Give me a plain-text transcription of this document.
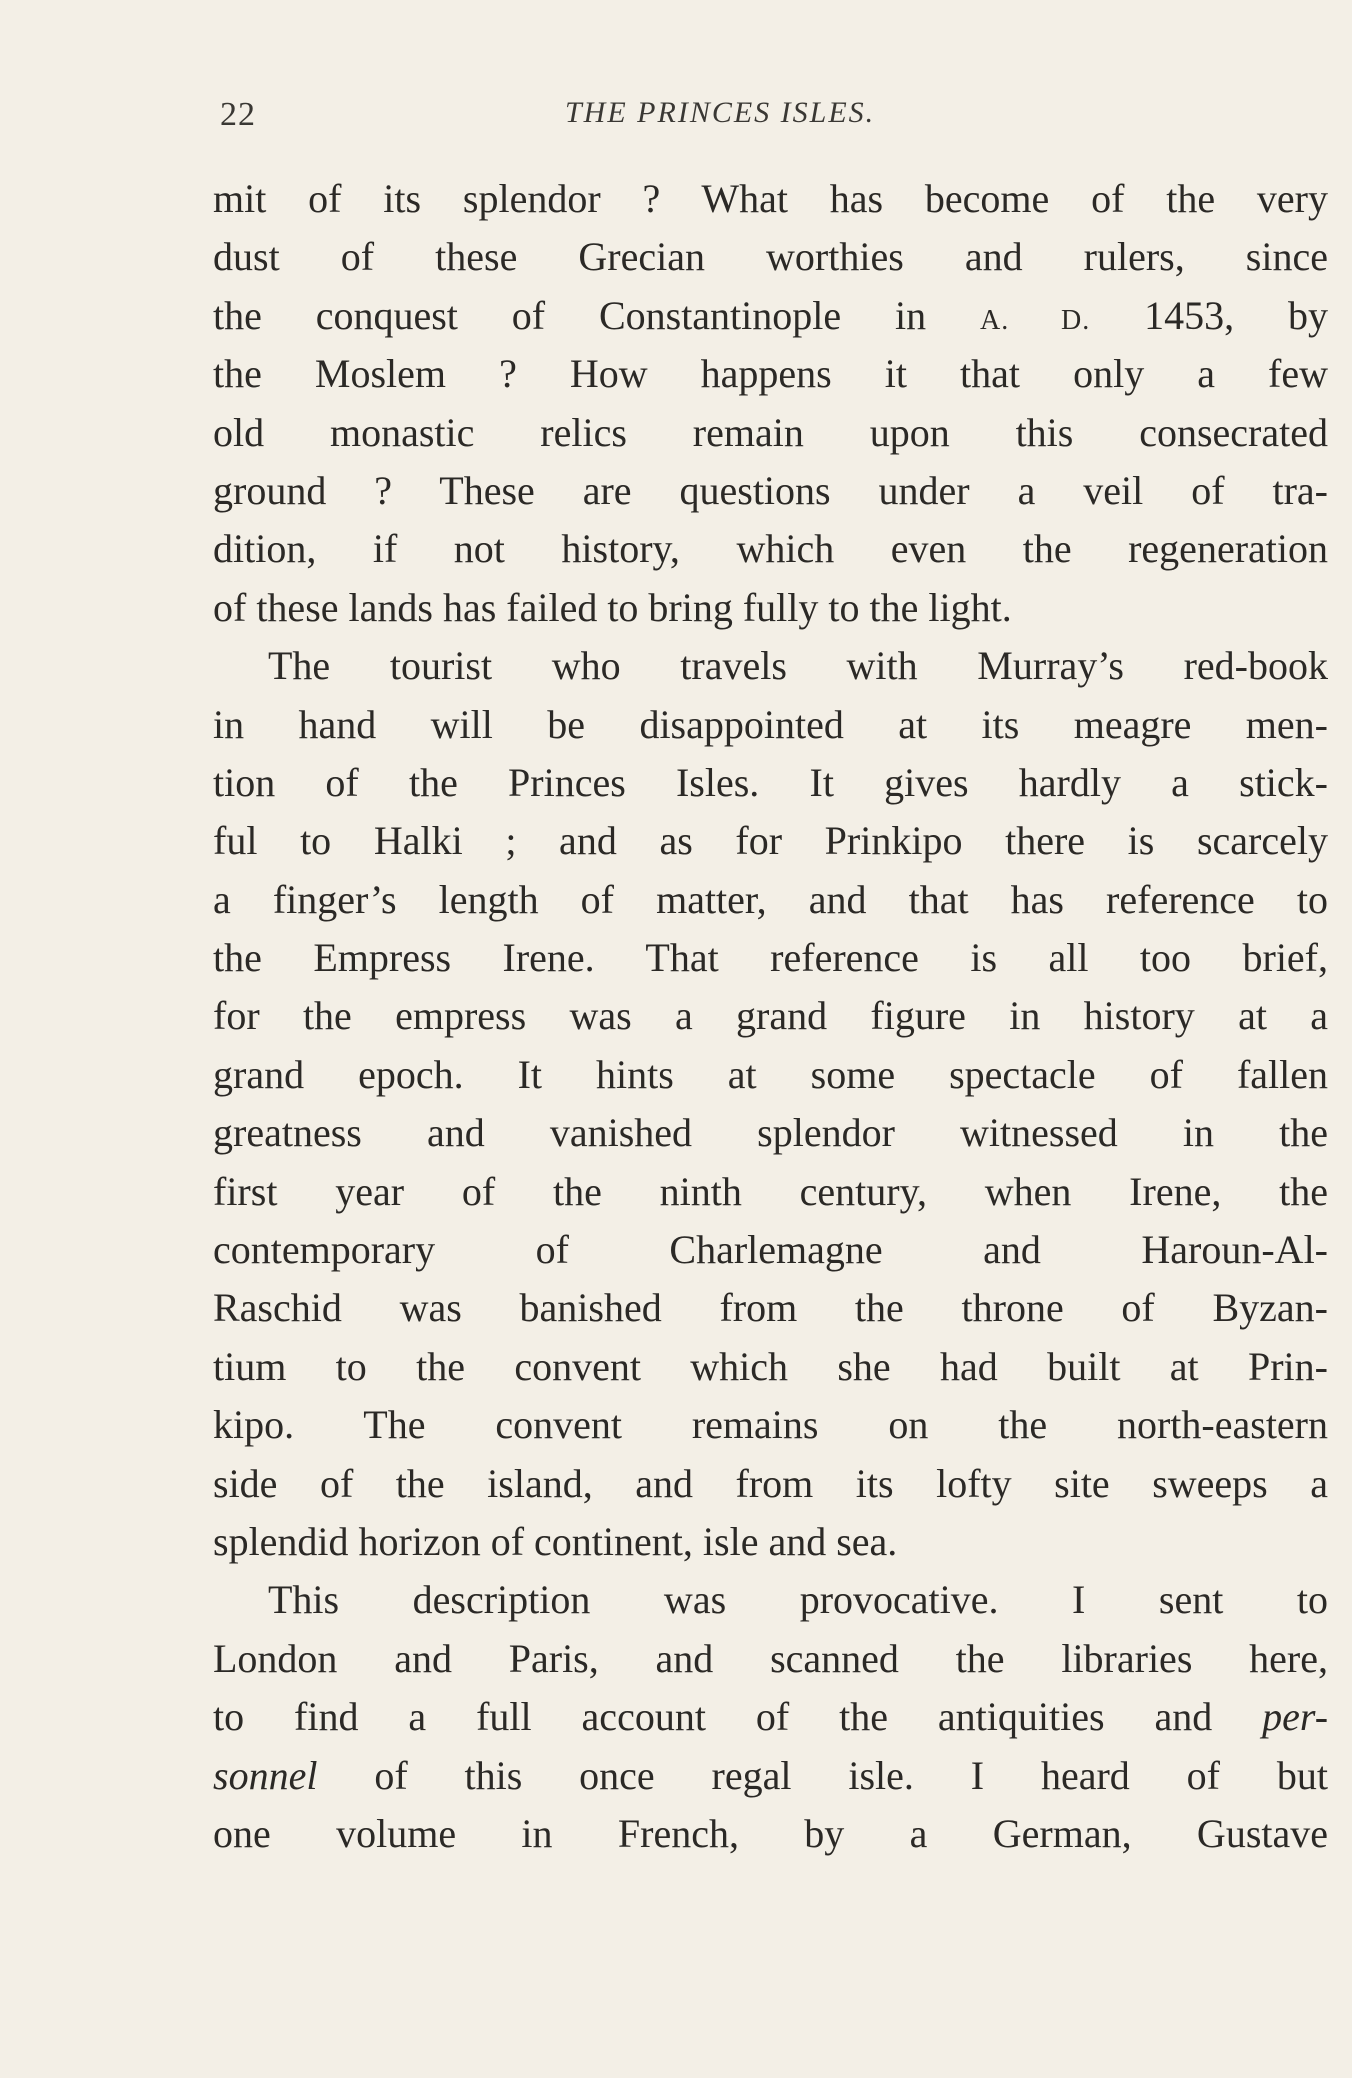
22	THE PRINCES ISLES.
mit of its splendor ? What has become of the very
dust of these Grecian worthies and rulers, since
the conquest of Constantinople in A. D. 1453, by
the Moslem ? How happens it that only a few
old monastic relics remain upon this consecrated
ground ? These are questions under a veil of tra-
dition, if not history, which even the regeneration
of these lands has failed to bring fully to the light.
The tourist who travels with Murray’s red-book
in hand will be disappointed at its meagre men-
tion of the Princes Isles. It gives hardly a stick-
ful to Halki ; and as for Prinkipo there is scarcely
a finger’s length of matter, and that has reference to
the Empress Irene. That reference is all too brief,
for the empress was a grand figure in history at a
grand epoch. It hints at some spectacle of fallen
greatness and vanished splendor witnessed in the
first year of the ninth century, when Irene, the
contemporary of Charlemagne and Haroun-Al-
Raschid was banished from the throne of Byzan-
tium to the convent which she had built at Prin-
kipo. The convent remains on the north-eastern
side of the island, and from its lofty site sweeps a
splendid horizon of continent, isle and sea.
This description was provocative. I sent to
London and Paris, and scanned the libraries here,
to find a full account of the antiquities and per-
sonnel of this once regal isle. I heard of but
one volume in French, by a German, Gustave
